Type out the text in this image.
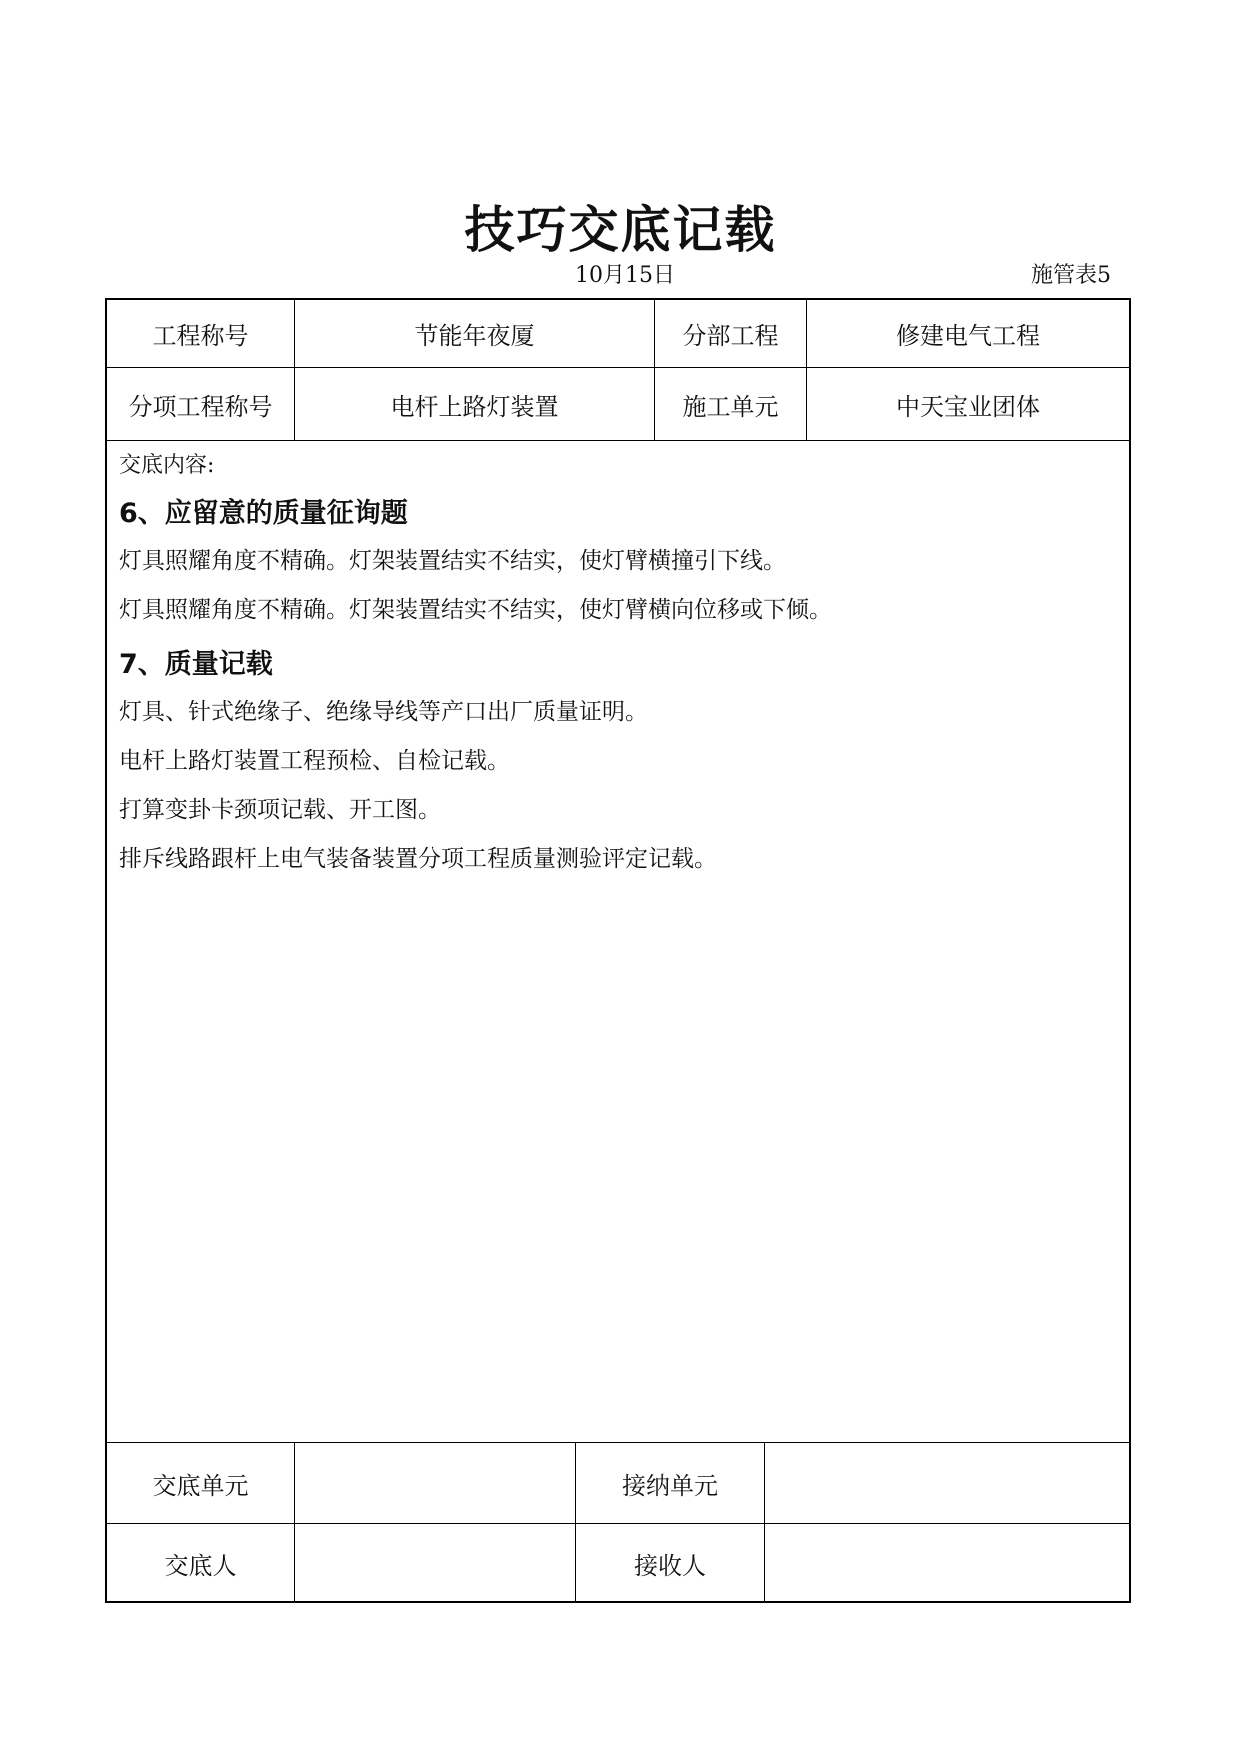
技巧交底记载
10月15日	施管表5
工程称号	节能年夜厦	分部工程	修建电气工程
分项工程称号	电杆上路灯装置	施工单元	中天宝业团体
交底内容:
6、应留意的质量征询题
灯具照耀角度不精确。灯架装置结实不结实，使灯臂横撞引下线。
灯具照耀角度不精确。灯架装置结实不结实，使灯臂横向位移或下倾。
7、质量记载
灯具、针式绝缘子、绝缘导线等产口出厂质量证明。
电杆上路灯装置工程预检、自检记载。
打算变卦卡颈项记载、开工图。
排斥线路跟杆上电气装备装置分项工程质量测验评定记载。
交底单元	接纳单元
交底人	接收人
